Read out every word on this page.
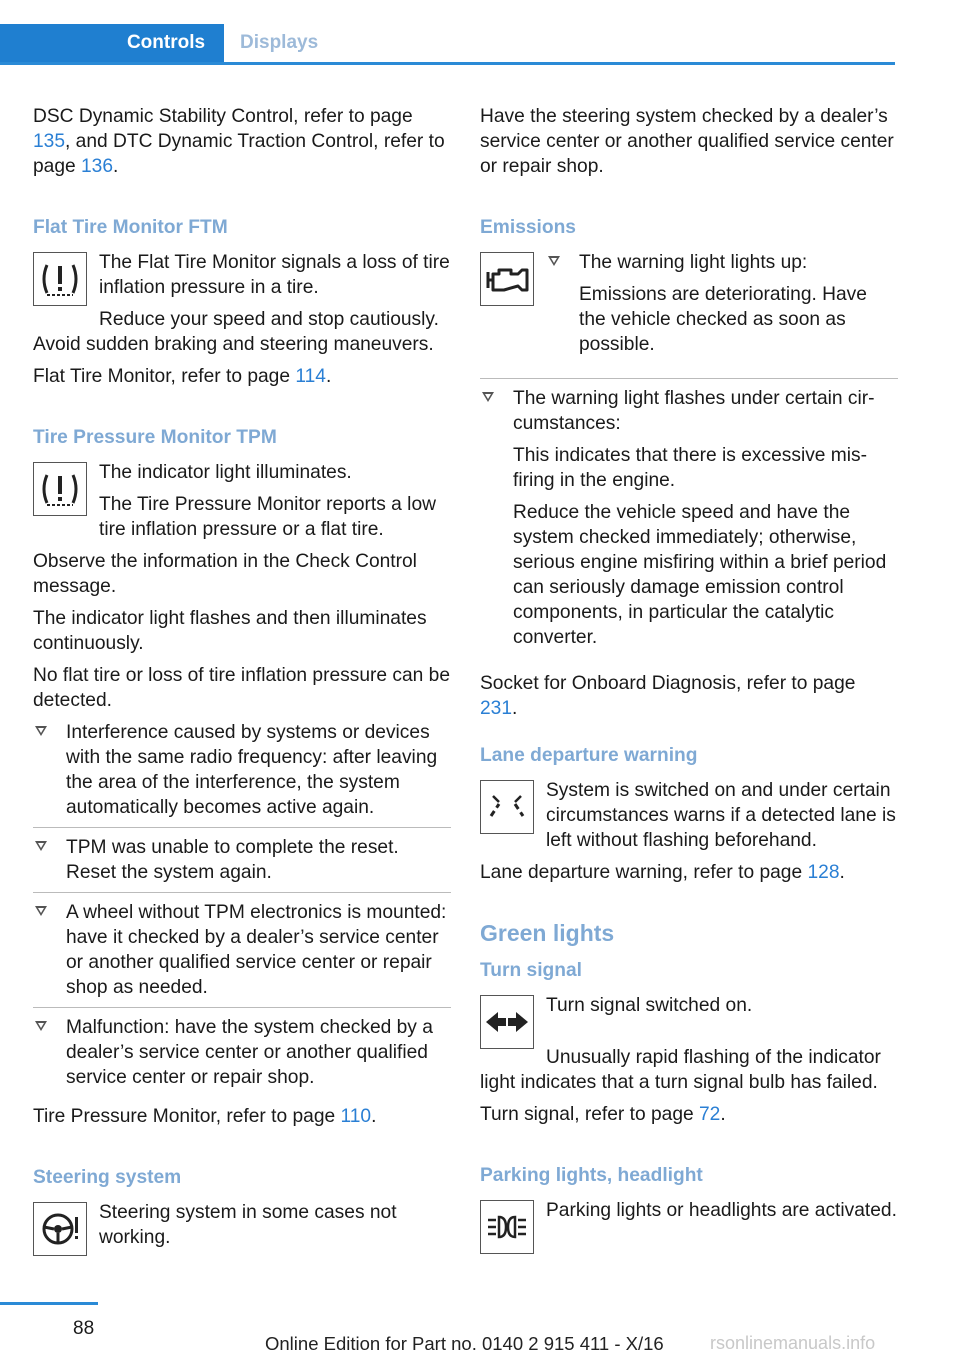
Controls	Displays

DSC Dynamic Stability Control, refer to page 135, and DTC Dynamic Traction Control, refer to page 136.

Flat Tire Monitor FTM

The Flat Tire Monitor signals a loss of tire inflation pressure in a tire.

Reduce your speed and stop cautiously. Avoid sudden braking and steering maneuvers.

Flat Tire Monitor, refer to page 114.

Tire Pressure Monitor TPM

The indicator light illuminates.

The Tire Pressure Monitor reports a low tire inflation pressure or a flat tire.

Observe the information in the Check Control message.

The indicator light flashes and then illuminates continuously.

No flat tire or loss of tire inflation pressure can be detected.

Interference caused by systems or devices with the same radio frequency: after leaving the area of the interference, the system automatically becomes active again.
TPM was unable to complete the reset. Reset the system again.
A wheel without TPM electronics is mounted: have it checked by a dealer’s service center or another qualified service center or repair shop as needed.
Malfunction: have the system checked by a dealer’s service center or another qualified service center or repair shop.

Tire Pressure Monitor, refer to page 110.

Steering system

Steering system in some cases not working.

Have the steering system checked by a dealer’s service center or another qualified service center or repair shop.

Emissions

The warning light lights up:

Emissions are deteriorating. Have the vehicle checked as soon as possible.

The warning light flashes under certain circumstances:

This indicates that there is excessive misfiring in the engine.

Reduce the vehicle speed and have the system checked immediately; otherwise, serious engine misfiring within a brief period can seriously damage emission control components, in particular the catalytic converter.

Socket for Onboard Diagnosis, refer to page 231.

Lane departure warning

System is switched on and under certain circumstances warns if a detected lane is left without flashing beforehand.

Lane departure warning, refer to page 128.

Green lights
Turn signal

Turn signal switched on.

Unusually rapid flashing of the indicator light indicates that a turn signal bulb has failed.

Turn signal, refer to page 72.

Parking lights, headlight

Parking lights or headlights are activated.

88
Online Edition for Part no. 0140 2 915 411 - X/16	rsonlinemanuals.info
